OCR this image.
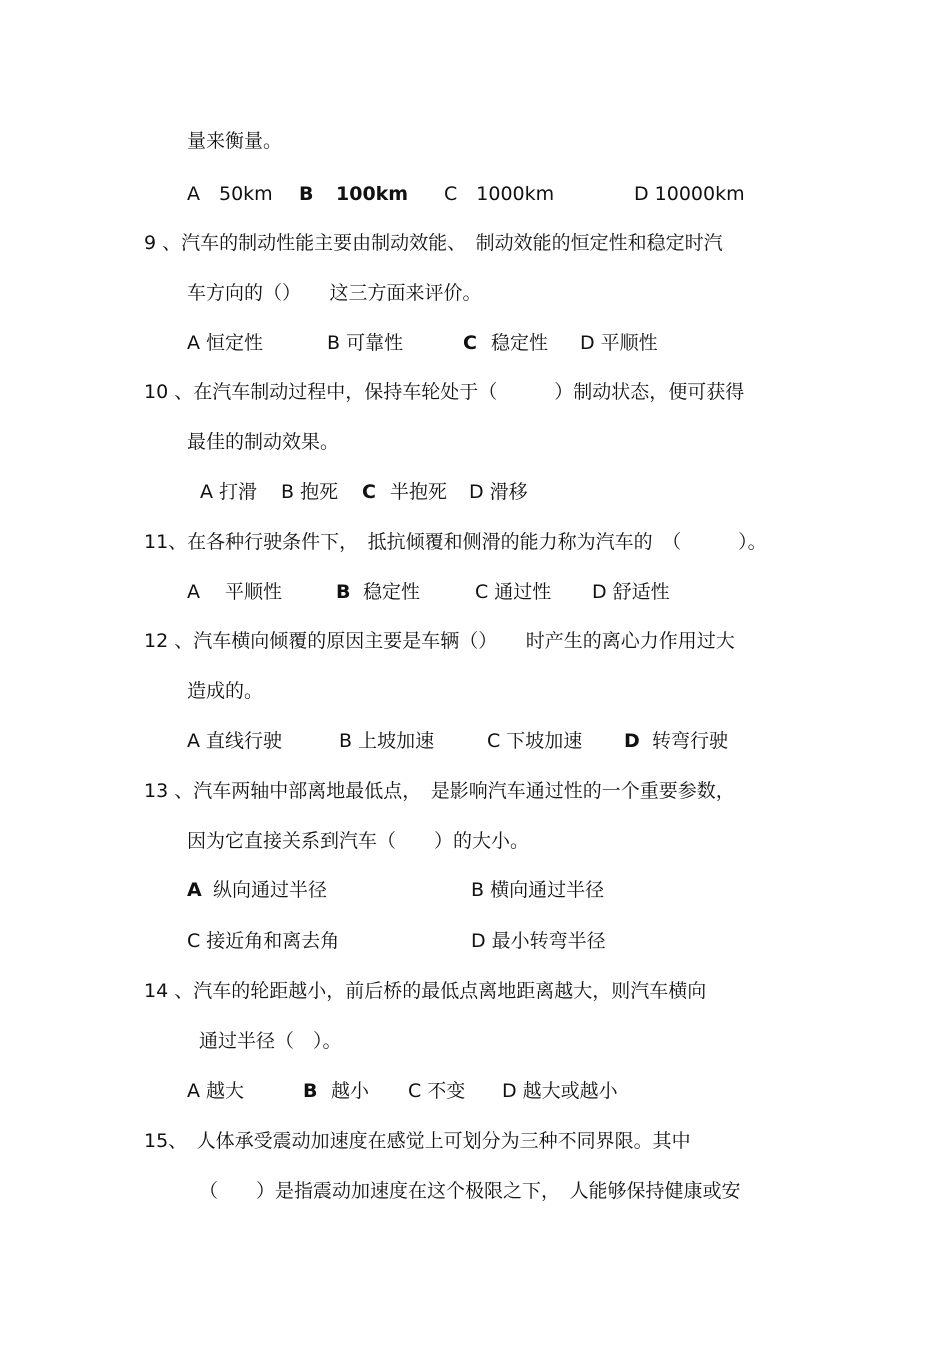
量来衡量。
A　50km B 100km C　1000km	D 10000km
9 、汽车的制动性能主要由制动效能、　制动效能的恒定性和稳定时汽
车方向的（）　　这三方面来评价。
A 恒定性	B 可靠性	C 稳定性 D 平顺性
10 、在汽车制动过程中，保持车轮处于（　　　）制动状态，便可获得
最佳的制动效果。
A 打滑 B 抱死 C 半抱死 D 滑移
11、在各种行驶条件下，　抵抗倾覆和侧滑的能力称为汽车的　（　　　）。
A　 平顺性	B 稳定性	C 通过性 D 舒适性
12 、汽车横向倾覆的原因主要是车辆（）　　时产生的离心力作用过大
造成的。
A 直线行驶	B 上坡加速	C 下坡加速 D 转弯行驶
13 、汽车两轴中部离地最低点，　是影响汽车通过性的一个重要参数，
因为它直接关系到汽车（　　）的大小。
A 纵向通过半径	B 横向通过半径
C 接近角和离去角	D 最小转弯半径
14 、汽车的轮距越小，前后桥的最低点离地距离越大，则汽车横向
通过半径（　）。
A 越大	B 越小 C 不变 D 越大或越小
15、　人体承受震动加速度在感觉上可划分为三种不同界限。其中
（　　）是指震动加速度在这个极限之下，　人能够保持健康或安
